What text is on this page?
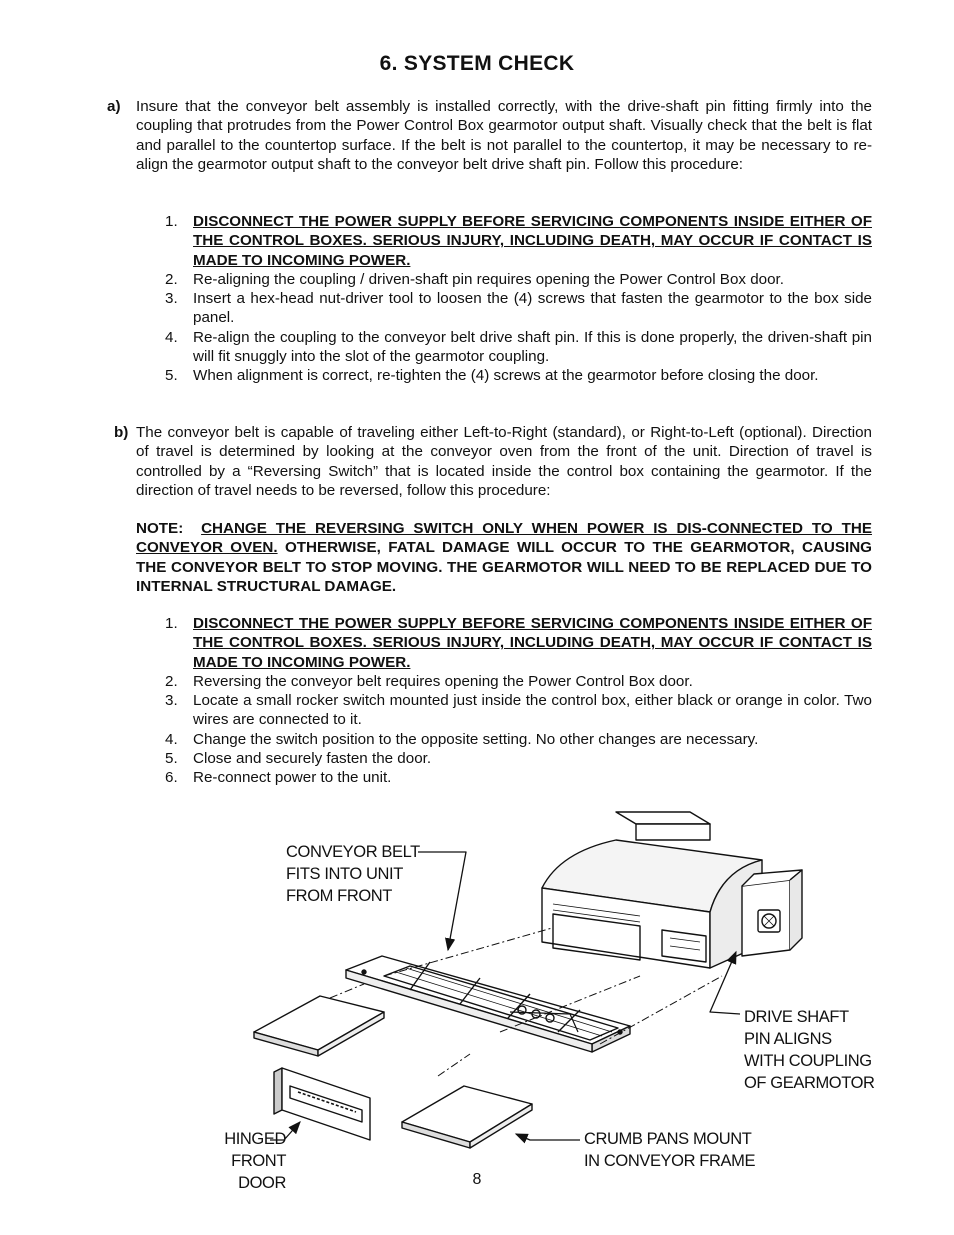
6. SYSTEM CHECK

a) Insure that the conveyor belt assembly is installed correctly, with the drive-shaft pin fitting firmly into the coupling that protrudes from the Power Control Box gearmotor output shaft. Visually check that the belt is flat and parallel to the countertop surface. If the belt is not parallel to the countertop, it may be necessary to re-align the gearmotor output shaft to the conveyor belt drive shaft pin. Follow this procedure:

1. DISCONNECT THE POWER SUPPLY BEFORE SERVICING COMPONENTS INSIDE EITHER OF THE CONTROL BOXES. SERIOUS INJURY, INCLUDING DEATH, MAY OCCUR IF CONTACT IS MADE TO INCOMING POWER.
2. Re-aligning the coupling / driven-shaft pin requires opening the Power Control Box door.
3. Insert a hex-head nut-driver tool to loosen the (4) screws that fasten the gearmotor to the box side panel.
4. Re-align the coupling to the conveyor belt drive shaft pin. If this is done properly, the driven-shaft pin will fit snuggly into the slot of the gearmotor coupling.
5. When alignment is correct, re-tighten the (4) screws at the gearmotor before closing the door.

b) The conveyor belt is capable of traveling either Left-to-Right (standard), or Right-to-Left (optional). Direction of travel is determined by looking at the conveyor oven from the front of the unit. Direction of travel is controlled by a “Reversing Switch” that is located inside the control box containing the gearmotor. If the direction of travel needs to be reversed, follow this procedure:

NOTE: CHANGE THE REVERSING SWITCH ONLY WHEN POWER IS DIS-CONNECTED TO THE CONVEYOR OVEN. OTHERWISE, FATAL DAMAGE WILL OCCUR TO THE GEARMOTOR, CAUSING THE CONVEYOR BELT TO STOP MOVING. THE GEARMOTOR WILL NEED TO BE REPLACED DUE TO INTERNAL STRUCTURAL DAMAGE.

1. DISCONNECT THE POWER SUPPLY BEFORE SERVICING COMPONENTS INSIDE EITHER OF THE CONTROL BOXES. SERIOUS INJURY, INCLUDING DEATH, MAY OCCUR IF CONTACT IS MADE TO INCOMING POWER.
2. Reversing the conveyor belt requires opening the Power Control Box door.
3. Locate a small rocker switch mounted just inside the control box, either black or orange in color. Two wires are connected to it.
4. Change the switch position to the opposite setting. No other changes are necessary.
5. Close and securely fasten the door.
6. Re-connect power to the unit.
CONVEYOR BELT
FITS INTO UNIT
FROM FRONT
DRIVE SHAFT
PIN ALIGNS
WITH COUPLING
OF GEARMOTOR
HINGED
FRONT DOOR
CRUMB PANS MOUNT
IN CONVEYOR FRAME
8
